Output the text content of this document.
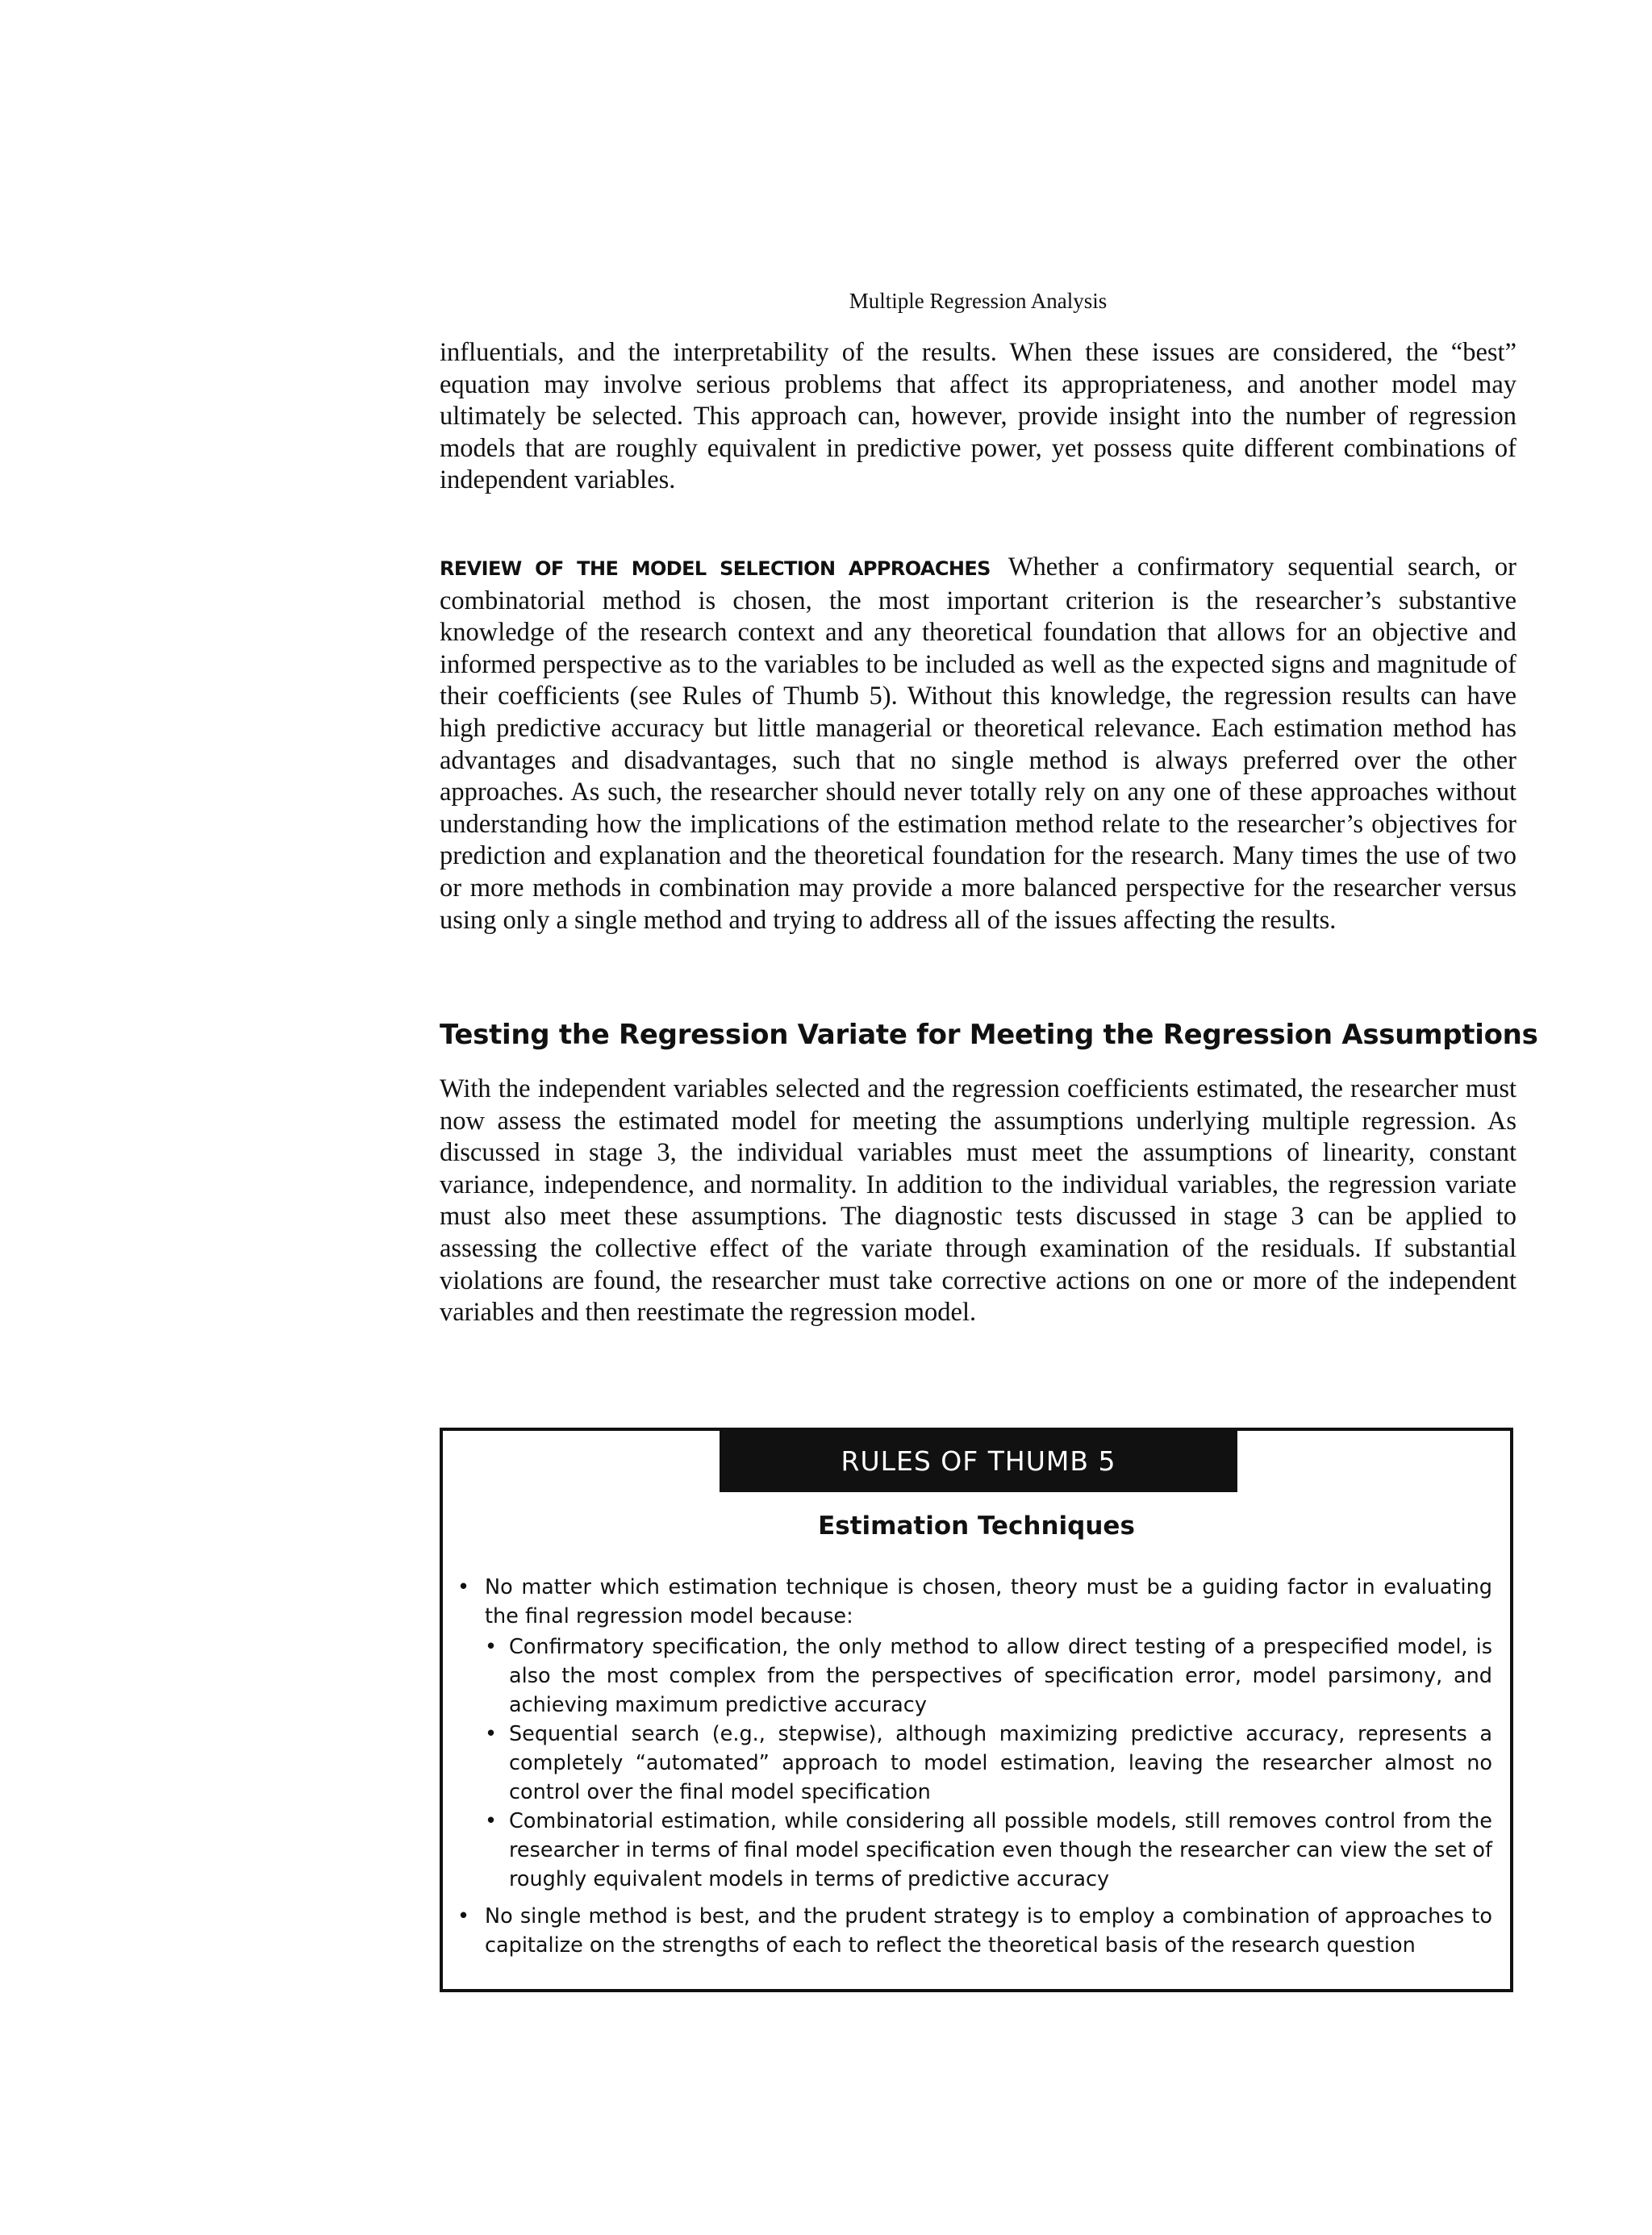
Multiple Regression Analysis

influentials, and the interpretability of the results. When these issues are considered, the “best” equation may involve serious problems that affect its appropriateness, and another model may ultimately be selected. This approach can, however, provide insight into the number of regression models that are roughly equivalent in predictive power, yet possess quite different combinations of independent variables.

REVIEW OF THE MODEL SELECTION APPROACHES Whether a confirmatory sequential search, or combinatorial method is chosen, the most important criterion is the researcher’s substantive knowledge of the research context and any theoretical foundation that allows for an objective and informed perspective as to the variables to be included as well as the expected signs and magnitude of their coefficients (see Rules of Thumb 5). Without this knowledge, the regression results can have high predictive accuracy but little managerial or theoretical relevance. Each estimation method has advantages and disadvantages, such that no single method is always preferred over the other approaches. As such, the researcher should never totally rely on any one of these approaches without understanding how the implications of the estimation method relate to the researcher’s objectives for prediction and explanation and the theoretical foundation for the research. Many times the use of two or more methods in combination may provide a more balanced perspective for the researcher versus using only a single method and trying to address all of the issues affecting the results.

Testing the Regression Variate for Meeting the Regression Assumptions

With the independent variables selected and the regression coefficients estimated, the researcher must now assess the estimated model for meeting the assumptions underlying multiple regression. As discussed in stage 3, the individual variables must meet the assumptions of linearity, constant variance, independence, and normality. In addition to the individual variables, the regression variate must also meet these assumptions. The diagnostic tests discussed in stage 3 can be applied to assessing the collective effect of the variate through examination of the residuals. If substantial violations are found, the researcher must take corrective actions on one or more of the independent variables and then reestimate the regression model.

RULES OF THUMB 5
Estimation Techniques
• No matter which estimation technique is chosen, theory must be a guiding factor in evaluating the final regression model because:
• Confirmatory specification, the only method to allow direct testing of a prespecified model, is also the most complex from the perspectives of specification error, model parsimony, and achieving maximum predictive accuracy
• Sequential search (e.g., stepwise), although maximizing predictive accuracy, represents a completely “automated” approach to model estimation, leaving the researcher almost no control over the final model specification
• Combinatorial estimation, while considering all possible models, still removes control from the researcher in terms of final model specification even though the researcher can view the set of roughly equivalent models in terms of predictive accuracy
• No single method is best, and the prudent strategy is to employ a combination of approaches to capitalize on the strengths of each to reflect the theoretical basis of the research question
